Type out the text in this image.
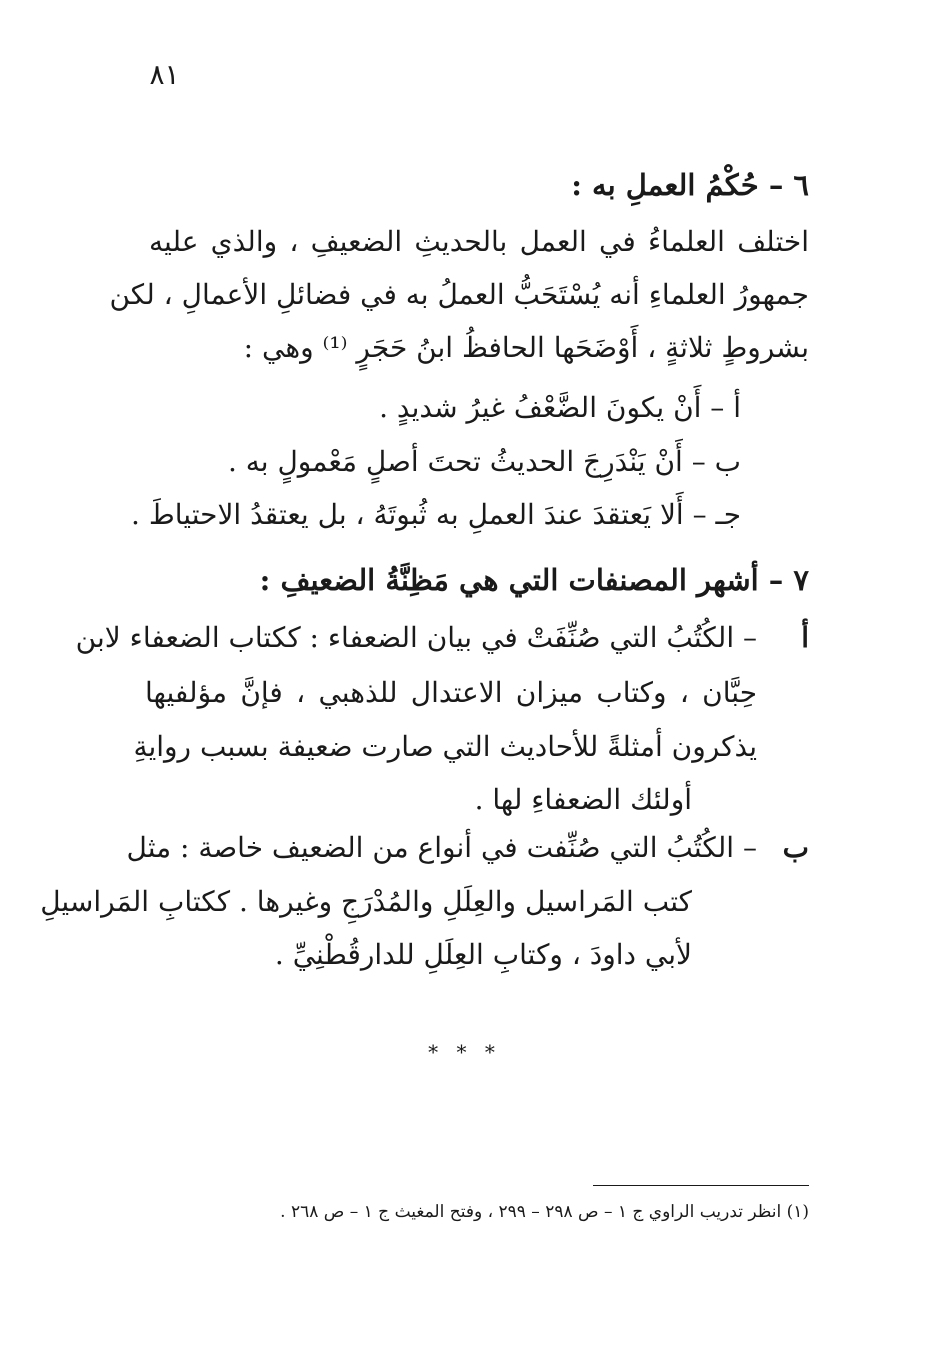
٨١
٦ – حُكْمُ العملِ به :
اختلف العلماءُ في العمل بالحديثِ الضعيفِ ، والذي عليه
جمهورُ العلماءِ أنه يُسْتَحَبُّ العملُ به في فضائلِ الأعمالِ ، لكن
بشروطٍ ثلاثةٍ ، أَوْضَحَها الحافظُ ابنُ حَجَرٍ ⁽¹⁾ وهي :
أ – أَنْ يكونَ الضَّعْفُ غيرُ شديدٍ .
ب – أَنْ يَنْدَرِجَ الحديثُ تحتَ أصلٍ مَعْمولٍ به .
جـ – أَلا يَعتقدَ عندَ العملِ به ثُبوتَهُ ، بل يعتقدُ الاحتياطَ .
٧ – أشهر المصنفات التي هي مَظِنَّةُ الضعيفِ :
أ
– الكُتُبُ التي صُنِّفَتْ في بيان الضعفاء : ككتاب الضعفاء لابن
حِبَّان ، وكتاب ميزان الاعتدال للذهبي ، فإنَّ مؤلفيها
يذكرون أمثلةً للأحاديث التي صارت ضعيفة بسبب روايةِ
أولئك الضعفاءِ لها .
ب
– الكُتُبُ التي صُنِّفت في أنواع من الضعيف خاصة : مثل
كتب المَراسيل والعِلَلِ والمُدْرَجِ وغيرها . ككتابِ المَراسيلِ
لأبي داودَ ، وكتابِ العِلَلِ للدارقُطْنِيِّ .
* * *
(١) انظر تدريب الراوي ج ١ – ص ٢٩٨ – ٢٩٩ ، وفتح المغيث ج ١ – ص ٢٦٨ .
